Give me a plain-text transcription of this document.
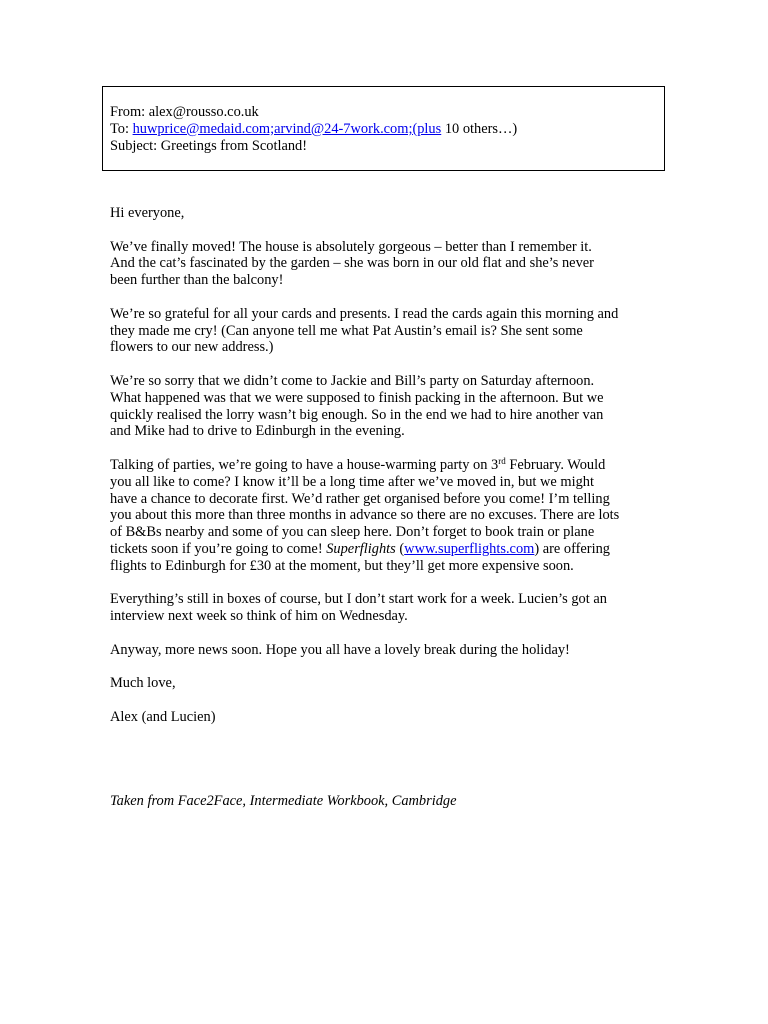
From: alex@rousso.co.uk
To: huwprice@medaid.com;arvind@24-7work.com;(plus 10 others…)
Subject: Greetings from Scotland!

Hi everyone,

We’ve finally moved! The house is absolutely gorgeous – better than I remember it.
And the cat’s fascinated by the garden – she was born in our old flat and she’s never
been further than the balcony!

We’re so grateful for all your cards and presents. I read the cards again this morning and
they made me cry! (Can anyone tell me what Pat Austin’s email is? She sent some
flowers to our new address.)

We’re so sorry that we didn’t come to Jackie and Bill’s party on Saturday afternoon.
What happened was that we were supposed to finish packing in the afternoon. But we
quickly realised the lorry wasn’t big enough. So in the end we had to hire another van
and Mike had to drive to Edinburgh in the evening.

Talking of parties, we’re going to have a house-warming party on 3rd February. Would
you all like to come? I know it’ll be a long time after we’ve moved in, but we might
have a chance to decorate first. We’d rather get organised before you come! I’m telling
you about this more than three months in advance so there are no excuses. There are lots
of B&Bs nearby and some of you can sleep here. Don’t forget to book train or plane
tickets soon if you’re going to come! Superflights (www.superflights.com) are offering
flights to Edinburgh for £30 at the moment, but they’ll get more expensive soon.

Everything’s still in boxes of course, but I don’t start work for a week. Lucien’s got an
interview next week so think of him on Wednesday.

Anyway, more news soon. Hope you all have a lovely break during the holiday!

Much love,

Alex (and Lucien)

Taken from Face2Face, Intermediate Workbook, Cambridge
